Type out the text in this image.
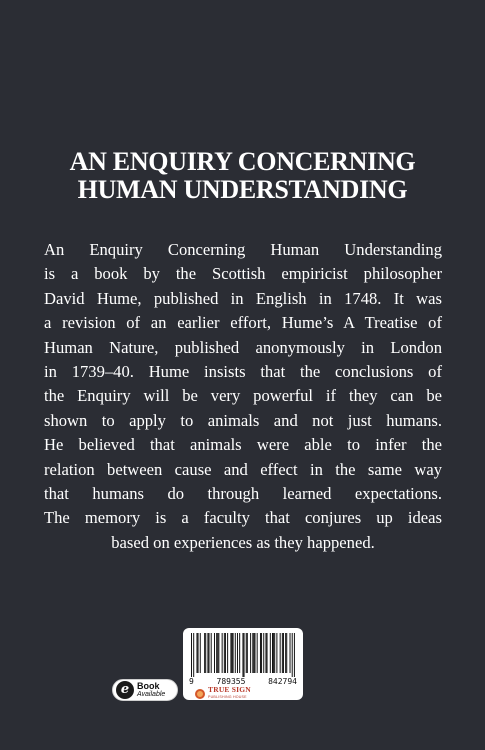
AN ENQUIRY CONCERNING
HUMAN UNDERSTANDING
An Enquiry Concerning Human Understanding
is a book by the Scottish empiricist philosopher
David Hume, published in English in 1748. It was
a revision of an earlier effort, Hume’s A Treatise of
Human Nature, published anonymously in London
in 1739–40. Hume insists that the conclusions of
the Enquiry will be very powerful if they can be
shown to apply to animals and not just humans.
He believed that animals were able to infer the
relation between cause and effect in the same way
that humans do through learned expectations.
The memory is a faculty that conjures up ideas
based on experiences as they happened.
e Book
Available
9	789355	842794
TRUE SIGN
PUBLISHING HOUSE
